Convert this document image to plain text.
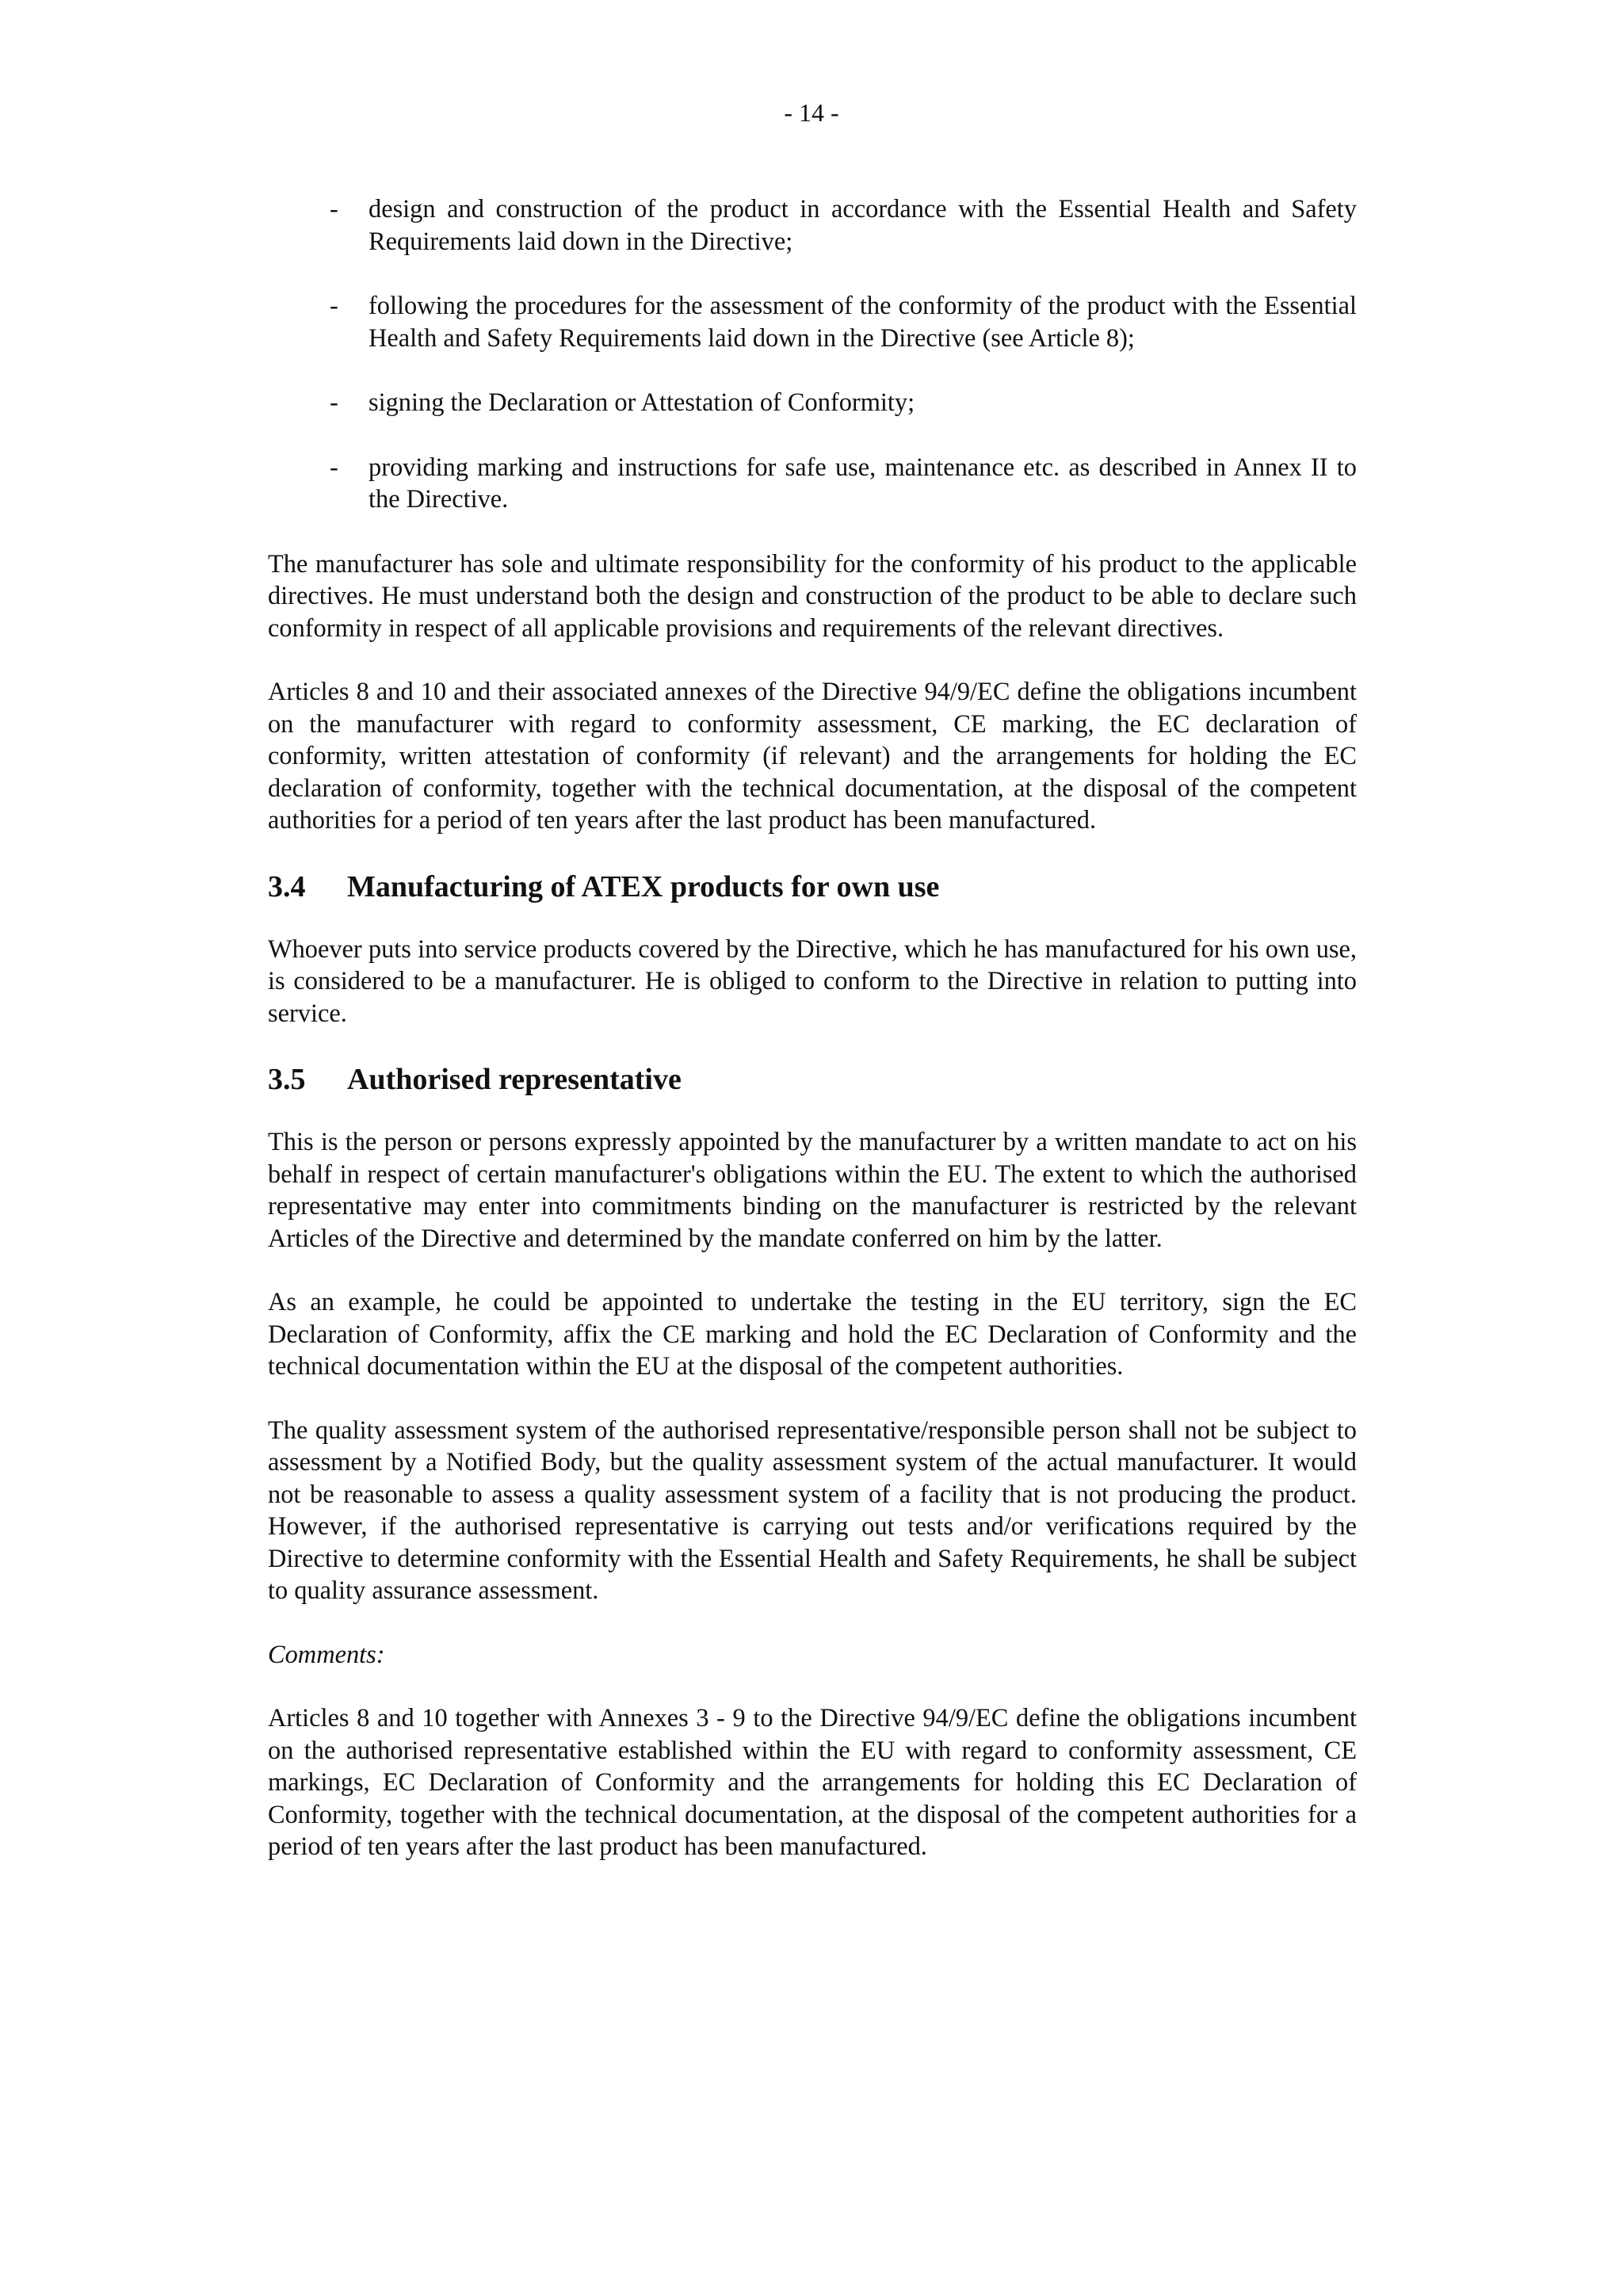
- 14 -
- design and construction of the product in accordance with the Essential Health and Safety Requirements laid down in the Directive;
- following the procedures for the assessment of the conformity of the product with the Essential Health and Safety Requirements laid down in the Directive (see Article 8);
- signing the Declaration or Attestation of Conformity;
- providing marking and instructions for safe use, maintenance etc. as described in Annex II to the Directive.

The manufacturer has sole and ultimate responsibility for the conformity of his product to the applicable directives. He must understand both the design and construction of the product to be able to declare such conformity in respect of all applicable provisions and requirements of the relevant directives.

Articles 8 and 10 and their associated annexes of the Directive 94/9/EC define the obligations incumbent on the manufacturer with regard to conformity assessment, CE marking, the EC declaration of conformity, written attestation of conformity (if relevant) and the arrangements for holding the EC declaration of conformity, together with the technical documentation, at the disposal of the competent authorities for a period of ten years after the last product has been manufactured.

3.4	Manufacturing of ATEX products for own use

Whoever puts into service products covered by the Directive, which he has manufactured for his own use, is considered to be a manufacturer. He is obliged to conform to the Directive in relation to putting into service.

3.5	Authorised representative

This is the person or persons expressly appointed by the manufacturer by a written mandate to act on his behalf in respect of certain manufacturer's obligations within the EU. The extent to which the authorised representative may enter into commitments binding on the manufacturer is restricted by the relevant Articles of the Directive and determined by the mandate conferred on him by the latter.

As an example, he could be appointed to undertake the testing in the EU territory, sign the EC Declaration of Conformity, affix the CE marking and hold the EC Declaration of Conformity and the technical documentation within the EU at the disposal of the competent authorities.

The quality assessment system of the authorised representative/responsible person shall not be subject to assessment by a Notified Body, but the quality assessment system of the actual manufacturer. It would not be reasonable to assess a quality assessment system of a facility that is not producing the product. However, if the authorised representative is carrying out tests and/or verifications required by the Directive to determine conformity with the Essential Health and Safety Requirements, he shall be subject to quality assurance assessment.

Comments:

Articles 8 and 10 together with Annexes 3 - 9 to the Directive 94/9/EC define the obligations incumbent on the authorised representative established within the EU with regard to conformity assessment, CE markings, EC Declaration of Conformity and the arrangements for holding this EC Declaration of Conformity, together with the technical documentation, at the disposal of the competent authorities for a period of ten years after the last product has been manufactured.
